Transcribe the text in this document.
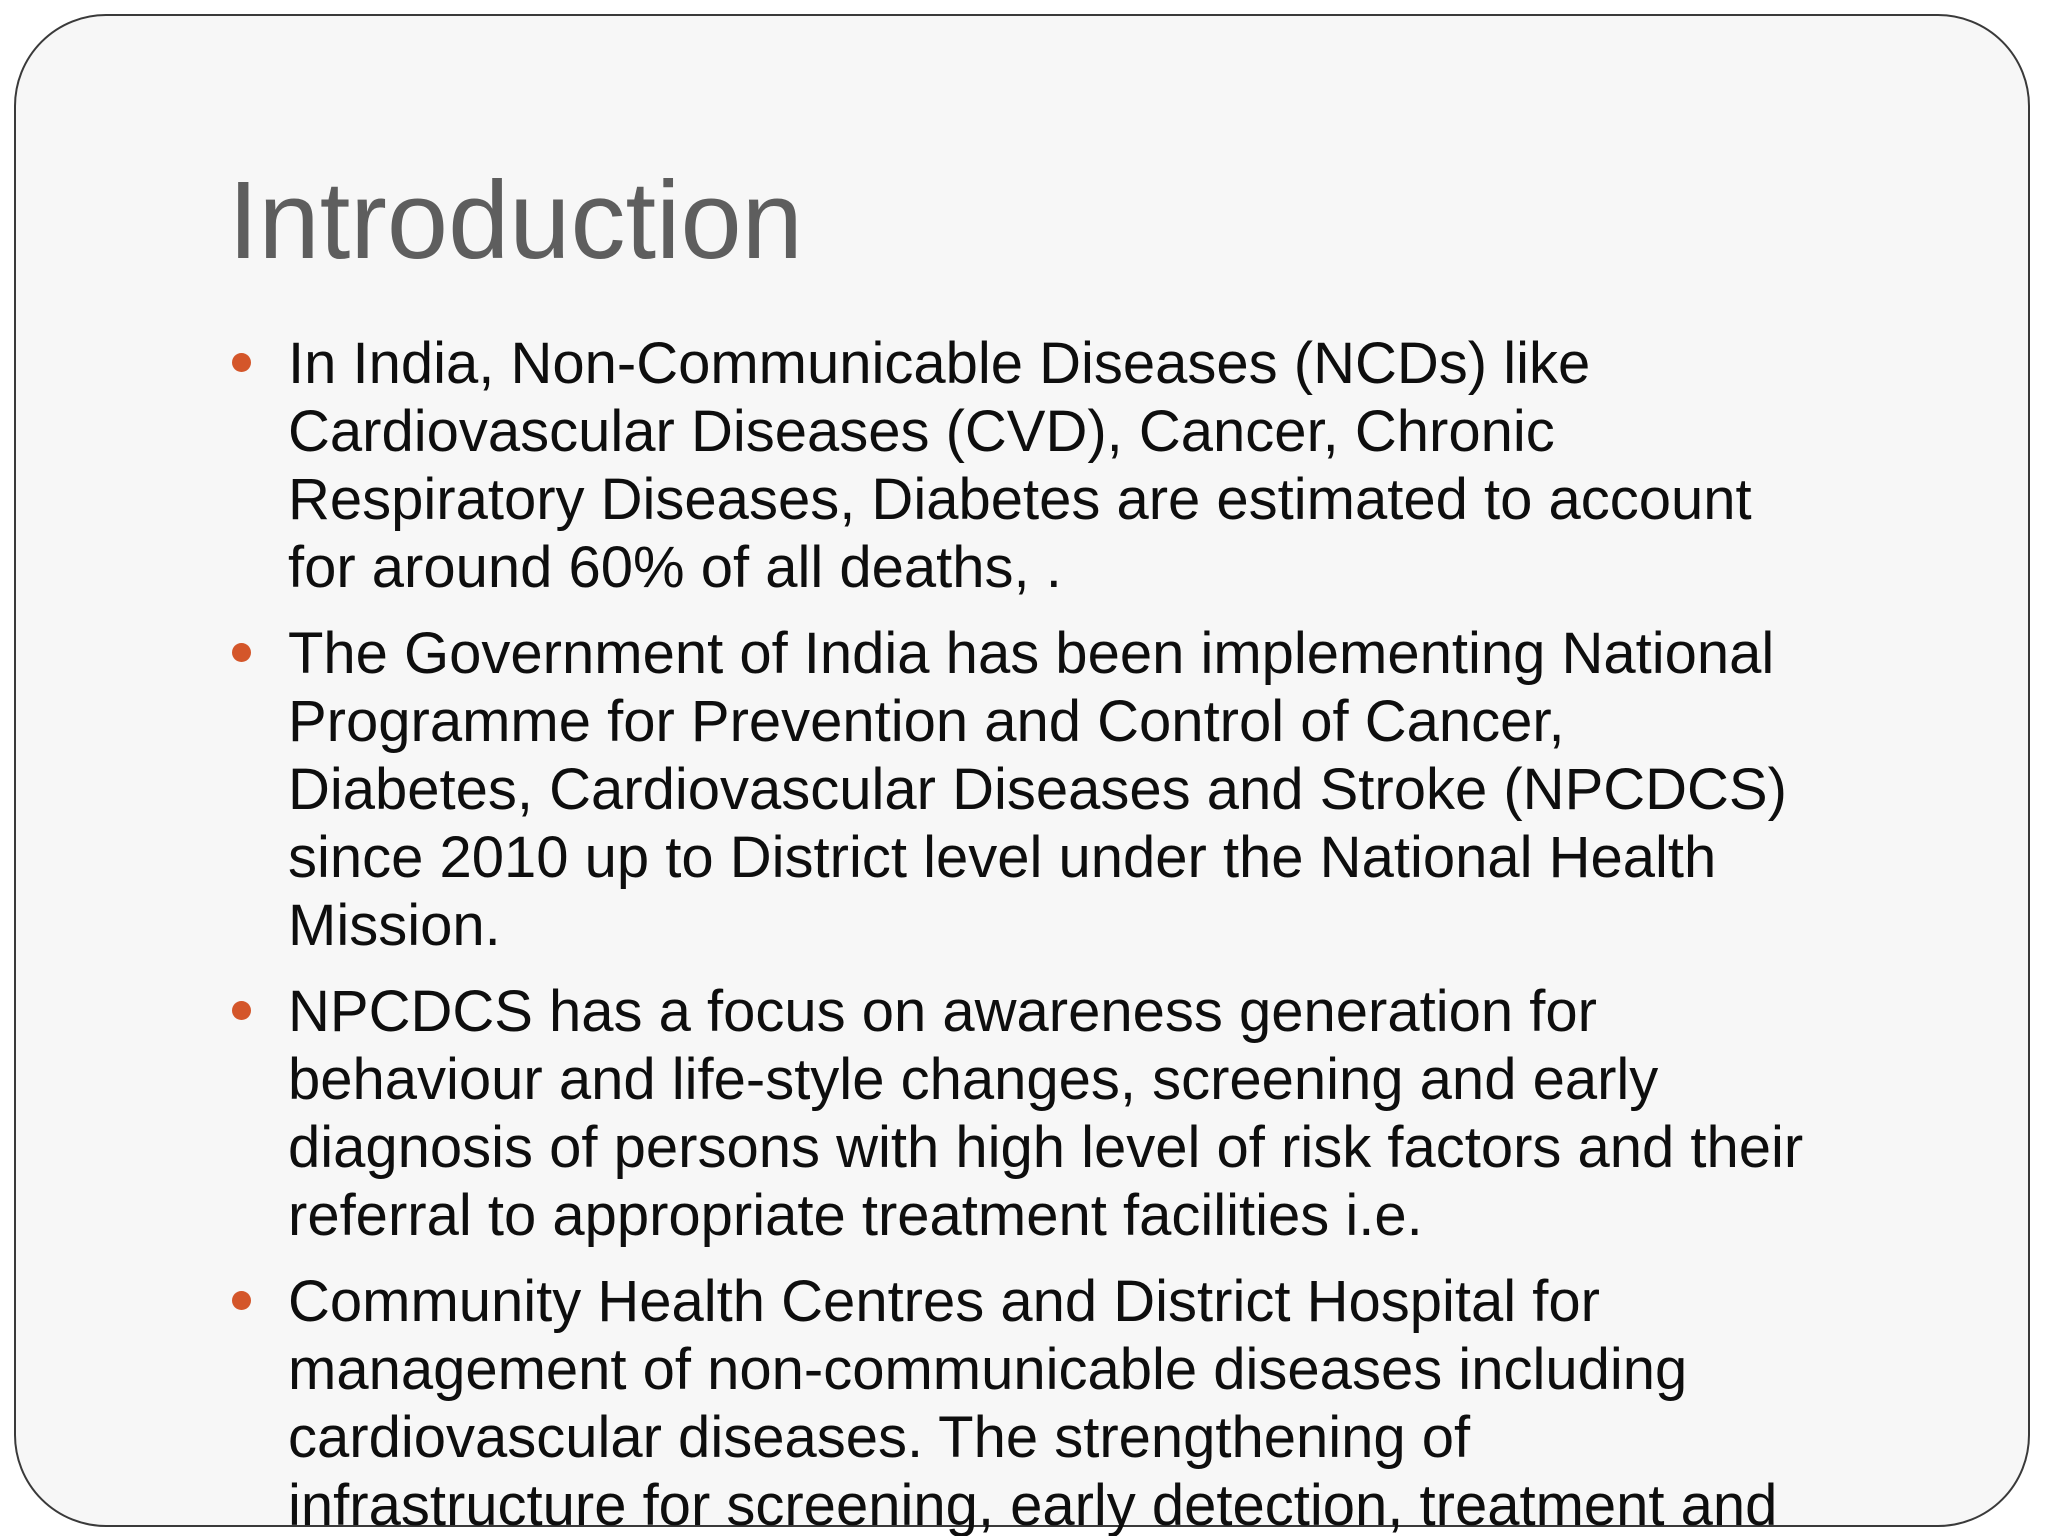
Introduction
In India, Non-Communicable Diseases (NCDs) like
Cardiovascular Diseases (CVD), Cancer, Chronic
Respiratory Diseases, Diabetes are estimated to account
for around 60% of all deaths, .
The Government of India has been implementing National
Programme for Prevention and Control of Cancer,
Diabetes, Cardiovascular Diseases and Stroke (NPCDCS)
since 2010 up to District level under the National Health
Mission.
NPCDCS has a focus on awareness generation for
behaviour and life-style changes, screening and early
diagnosis of persons with high level of risk factors and their
referral to appropriate treatment facilities i.e.
Community Health Centres and District Hospital for
management of non-communicable diseases including
cardiovascular diseases. The strengthening of
infrastructure for screening, early detection, treatment and
